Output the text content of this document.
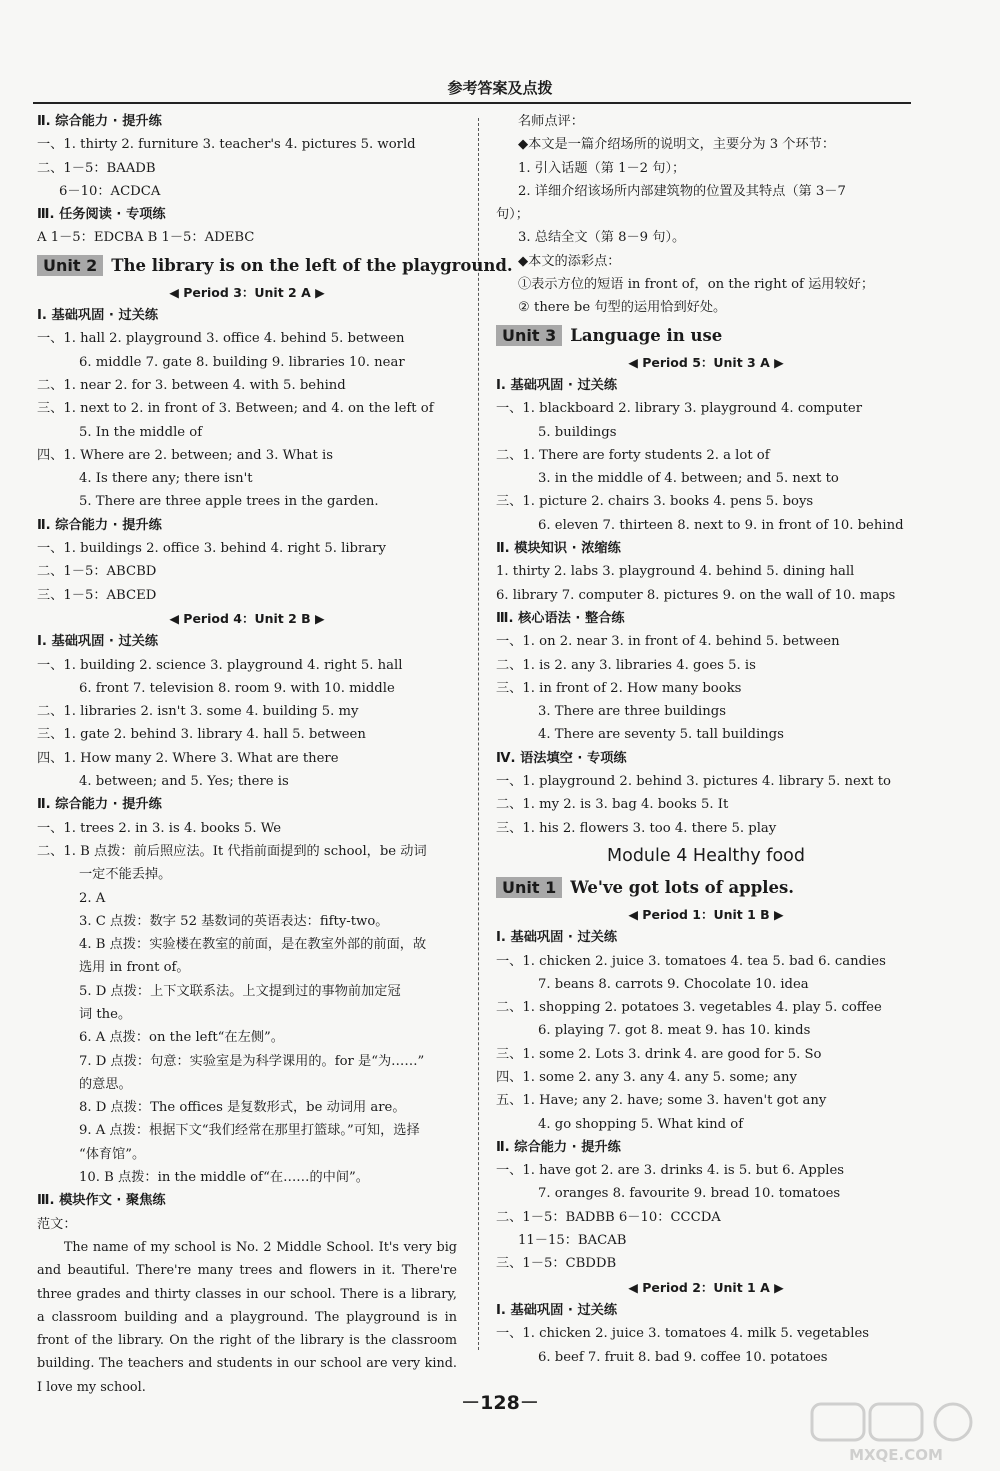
参考答案及点拨
Ⅱ. 综合能力 · 提升练
一、1. thirty 2. furniture 3. teacher's 4. pictures 5. world
二、1－5：BAADB
6－10：ACDCA
Ⅲ. 任务阅读 · 专项练
A 1－5：EDCBA B 1－5：ADEBC
Unit 2 The library is on the left of the playground.
◀ Period 3：Unit 2 A ▶
Ⅰ. 基础巩固 · 过关练
一、1. hall 2. playground 3. office 4. behind 5. between
6. middle 7. gate 8. building 9. libraries 10. near
二、1. near 2. for 3. between 4. with 5. behind
三、1. next to 2. in front of 3. Between; and 4. on the left of
5. In the middle of
四、1. Where are 2. between; and 3. What is
4. Is there any; there isn't
5. There are three apple trees in the garden.
Ⅱ. 综合能力 · 提升练
一、1. buildings 2. office 3. behind 4. right 5. library
二、1－5：ABCBD
三、1－5：ABCED
◀ Period 4：Unit 2 B ▶
Ⅰ. 基础巩固 · 过关练
一、1. building 2. science 3. playground 4. right 5. hall
6. front 7. television 8. room 9. with 10. middle
二、1. libraries 2. isn't 3. some 4. building 5. my
三、1. gate 2. behind 3. library 4. hall 5. between
四、1. How many 2. Where 3. What are there
4. between; and 5. Yes; there is
Ⅱ. 综合能力 · 提升练
一、1. trees 2. in 3. is 4. books 5. We
二、1. B 点拨：前后照应法。It 代指前面提到的 school，be 动词
一定不能丢掉。
2. A
3. C 点拨：数字 52 基数词的英语表达：fifty-two。
4. B 点拨：实验楼在教室的前面，是在教室外部的前面，故
选用 in front of。
5. D 点拨：上下文联系法。上文提到过的事物前加定冠
词 the。
6. A 点拨：on the left“在左侧”。
7. D 点拨：句意：实验室是为科学课用的。for 是“为……”
的意思。
8. D 点拨：The offices 是复数形式，be 动词用 are。
9. A 点拨：根据下文“我们经常在那里打篮球。”可知，选择
“体育馆”。
10. B 点拨：in the middle of“在……的中间”。
Ⅲ. 模块作文 · 聚焦练
范文：
　　The name of my school is No. 2 Middle School. It's very big and beautiful. There're many trees and flowers in it. There're three grades and thirty classes in our school. There is a library, a classroom building and a playground. The playground is in front of the library. On the right of the library is the classroom building. The teachers and students in our school are very kind. I love my school.
名师点评：
◆本文是一篇介绍场所的说明文，主要分为 3 个环节：
1. 引入话题（第 1－2 句）；
2. 详细介绍该场所内部建筑物的位置及其特点（第 3－7
句）；
3. 总结全文（第 8－9 句）。
◆本文的添彩点：
①表示方位的短语 in front of，on the right of 运用较好；
② there be 句型的运用恰到好处。
Unit 3 Language in use
◀ Period 5：Unit 3 A ▶
Ⅰ. 基础巩固 · 过关练
一、1. blackboard 2. library 3. playground 4. computer
5. buildings
二、1. There are forty students 2. a lot of
3. in the middle of 4. between; and 5. next to
三、1. picture 2. chairs 3. books 4. pens 5. boys
6. eleven 7. thirteen 8. next to 9. in front of 10. behind
Ⅱ. 模块知识 · 浓缩练
1. thirty 2. labs 3. playground 4. behind 5. dining hall
6. library 7. computer 8. pictures 9. on the wall of 10. maps
Ⅲ. 核心语法 · 整合练
一、1. on 2. near 3. in front of 4. behind 5. between
二、1. is 2. any 3. libraries 4. goes 5. is
三、1. in front of 2. How many books
3. There are three buildings
4. There are seventy 5. tall buildings
Ⅳ. 语法填空 · 专项练
一、1. playground 2. behind 3. pictures 4. library 5. next to
二、1. my 2. is 3. bag 4. books 5. It
三、1. his 2. flowers 3. too 4. there 5. play
Module 4 Healthy food
Unit 1 We've got lots of apples.
◀ Period 1：Unit 1 B ▶
Ⅰ. 基础巩固 · 过关练
一、1. chicken 2. juice 3. tomatoes 4. tea 5. bad 6. candies
7. beans 8. carrots 9. Chocolate 10. idea
二、1. shopping 2. potatoes 3. vegetables 4. play 5. coffee
6. playing 7. got 8. meat 9. has 10. kinds
三、1. some 2. Lots 3. drink 4. are good for 5. So
四、1. some 2. any 3. any 4. any 5. some; any
五、1. Have; any 2. have; some 3. haven't got any
4. go shopping 5. What kind of
Ⅱ. 综合能力 · 提升练
一、1. have got 2. are 3. drinks 4. is 5. but 6. Apples
7. oranges 8. favourite 9. bread 10. tomatoes
二、1－5：BADBB 6－10：CCCDA
11－15：BACAB
三、1－5：CBDDB
◀ Period 2：Unit 1 A ▶
Ⅰ. 基础巩固 · 过关练
一、1. chicken 2. juice 3. tomatoes 4. milk 5. vegetables
6. beef 7. fruit 8. bad 9. coffee 10. potatoes
－128－
MXQE.COM
